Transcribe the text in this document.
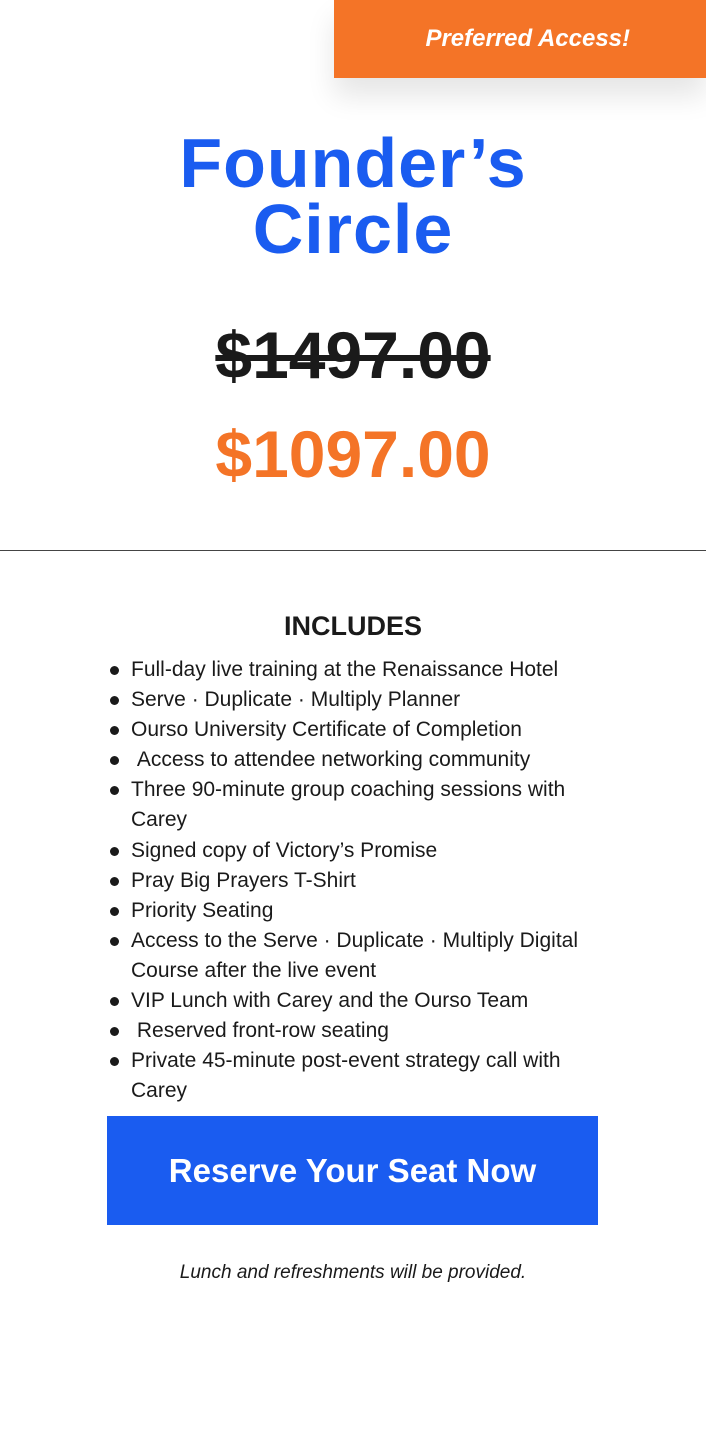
Preferred Access!
Founder’s
Circle
$1497.00
$1097.00
INCLUDES
Full-day live training at the Renaissance Hotel
Serve · Duplicate · Multiply Planner
Ourso University Certificate of Completion
Access to attendee networking community
Three 90-minute group coaching sessions with Carey
Signed copy of Victory’s Promise
Pray Big Prayers T-Shirt
Priority Seating
Access to the Serve · Duplicate · Multiply Digital Course after the live event
VIP Lunch with Carey and the Ourso Team
Reserved front-row seating
Private 45-minute post-event strategy call with Carey
Reserve Your Seat Now

Lunch and refreshments will be provided.
